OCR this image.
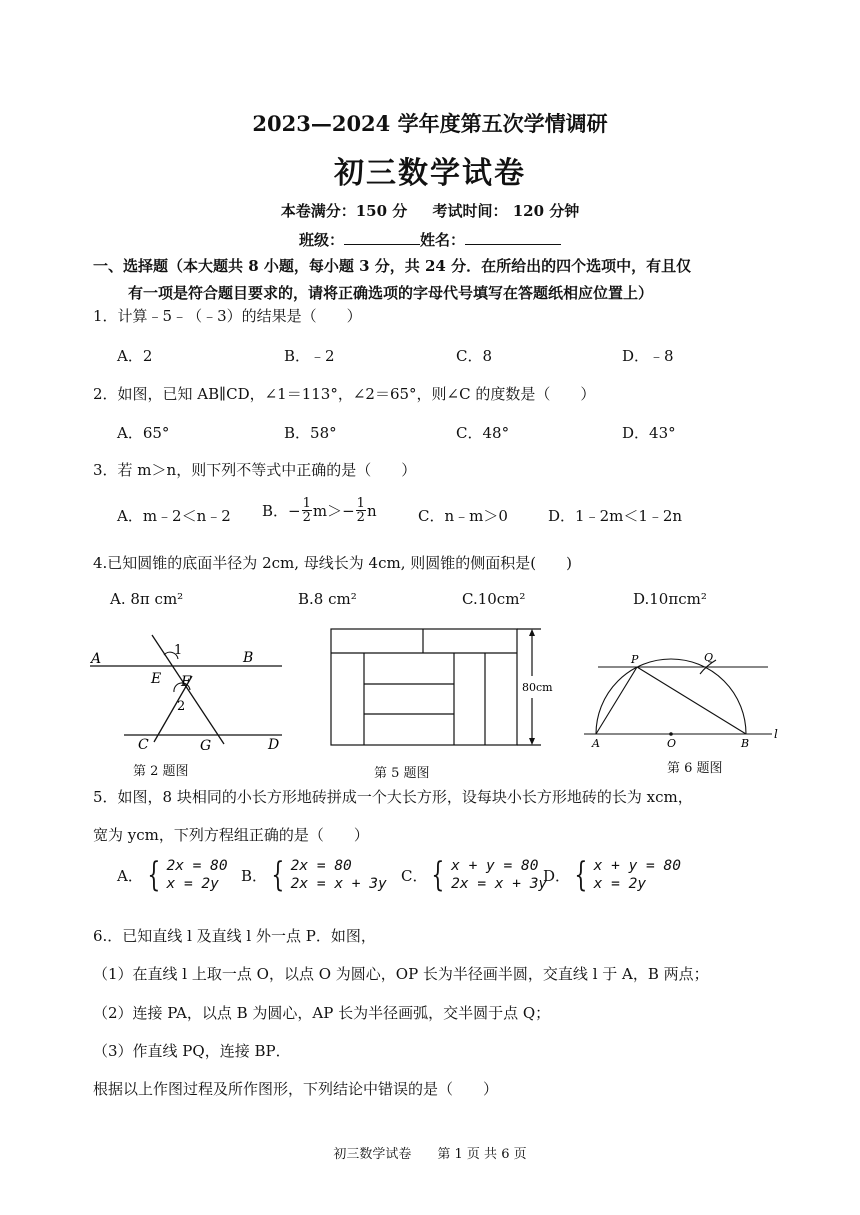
2023—2024 学年度第五次学情调研
初三数学试卷
本卷满分：150 分 考试时间： 120 分钟
班级：	姓名：
一、选择题（本大题共 8 小题，每小题 3 分，共 24 分．在所给出的四个选项中，有且仅
有一项是符合题目要求的，请将正确选项的字母代号填写在答题纸相应位置上）
1．计算﹣5﹣（﹣3）的结果是（　　）
A．2	B．﹣2	C．8	D．﹣8
2．如图，已知 AB∥CD，∠1＝113°，∠2＝65°，则∠C 的度数是（　　）
A．65°	B．58°	C．48°	D．43°
3．若 m＞n，则下列不等式中正确的是（　　）
A．m﹣2＜n﹣2 B．− $\frac{1}{2} m>- \frac{1}{2}$ n	C．n﹣m＞0	D．1﹣2m＜1﹣2n
4.已知圆锥的底面半径为 2cm, 母线长为 4cm, 则圆锥的侧面积是(　　)
A. 8π cm²	B.8 cm²	C.10cm²	D.10πcm²
A	B
C	D
E F
G
1
2
第 2 题图
80cm
第 5 题图
P	Q
A	O	B
l
第 6 题图
5．如图，8 块相同的小长方形地砖拼成一个大长方形，设每块小长方形地砖的长为 xcm，
宽为 ycm，下列方程组正确的是（　　）
A． { 2x = 80
x = 2y	B． { 2x = 80
2x = x + 3y C． { x + y = 80
2x = x + 3y
D． { x + y = 80
x = 2y
6.．已知直线 l 及直线 l 外一点 P．如图，
（1）在直线 l 上取一点 O，以点 O 为圆心，OP 长为半径画半圆，交直线 l 于 A，B 两点；
（2）连接 PA，以点 B 为圆心，AP 长为半径画弧，交半圆于点 Q；
（3）作直线 PQ，连接 BP．
根据以上作图过程及所作图形，下列结论中错误的是（　　）
初三数学试卷　　第 1 页 共 6 页
